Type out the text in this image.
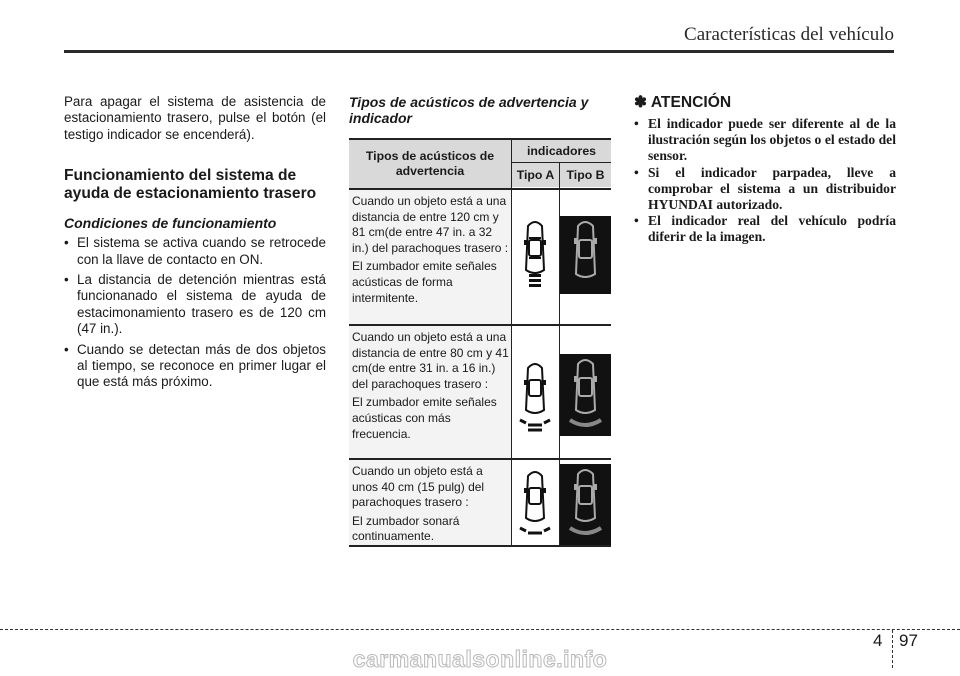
Características del vehículo

Para apagar el sistema de asistencia de estacionamiento trasero, pulse el botón (el testigo indicador se encenderá).

Funcionamiento del sistema de ayuda de estacionamiento trasero
Condiciones de funcionamiento
• El sistema se activa cuando se retrocede con la llave de contacto en ON.
• La distancia de detención mientras está funcionanado el sistema de ayuda de estacimonamiento trasero es de 120 cm (47 in.).
• Cuando se detectan más de dos objetos al tiempo, se reconoce en primer lugar el que está más próximo.
Tipos de acústicos de advertencia y indicador
Tipos de acústicos de advertencia
indicadores
Tipo A Tipo B

Cuando un objeto está a una distancia de entre 120 cm y 81 cm(de entre 47 in. a 32 in.) del parachoques trasero :

El zumbador emite señales acústicas de forma intermitente.

Cuando un objeto está a una distancia de entre 80 cm y 41 cm(de entre 31 in. a 16 in.) del parachoques trasero :

El zumbador emite señales acústicas con más frecuencia.

Cuando un objeto está a unos 40 cm (15 pulg) del parachoques trasero :

El zumbador sonará continuamente.

✽ ATENCIÓN
• El indicador puede ser diferente al de la ilustración según los objetos o el estado del sensor.
• Si el indicador parpadea, lleve a comprobar el sistema a un distribuidor HYUNDAI autorizado.
• El indicador real del vehículo podría diferir de la imagen.
4 97
carmanualsonline.info
